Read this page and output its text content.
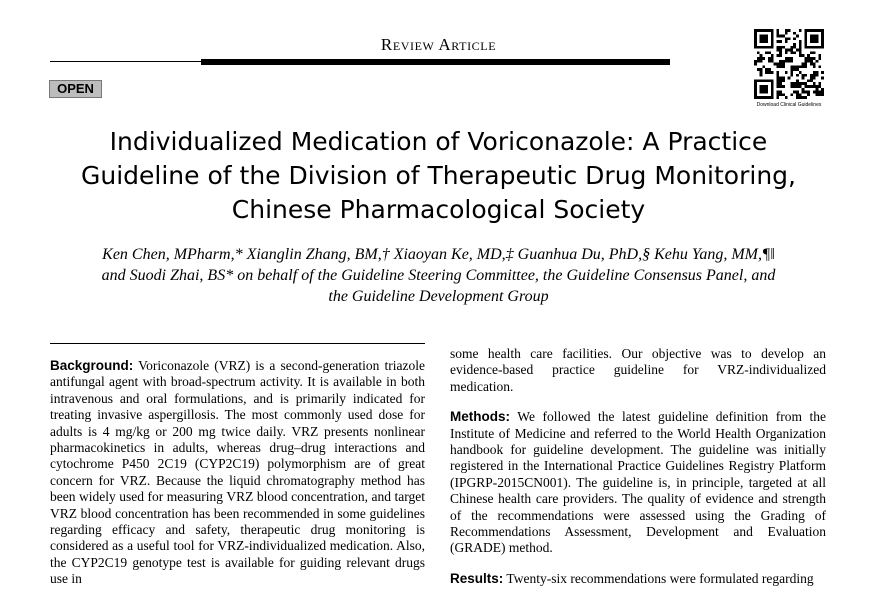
Review Article
OPEN
Download Clinical Guidelines
Individualized Medication of Voriconazole: A Practice
Guideline of the Division of Therapeutic Drug Monitoring,
Chinese Pharmacological Society

Ken Chen, MPharm,* Xianglin Zhang, BM,† Xiaoyan Ke, MD,‡ Guanhua Du, PhD,§ Kehu Yang, MM,¶‖
and Suodi Zhai, BS* on behalf of the Guideline Steering Committee, the Guideline Consensus Panel, and
the Guideline Development Group

Background: Voriconazole (VRZ) is a second-generation triazole antifungal agent with broad-spectrum activity. It is available in both intravenous and oral formulations, and is primarily indicated for treating invasive aspergillosis. The most commonly used dose for adults is 4 mg/kg or 200 mg twice daily. VRZ presents nonlinear pharmacokinetics in adults, whereas drug–drug interactions and cytochrome P450 2C19 (CYP2C19) polymorphism are of great concern for VRZ. Because the liquid chromatography method has been widely used for measuring VRZ blood concentration, and target VRZ blood concentration has been recommended in some guidelines regarding efficacy and safety, therapeutic drug monitoring is considered as a useful tool for VRZ-individualized medication. Also, the CYP2C19 genotype test is available for guiding relevant drugs use in

some health care facilities. Our objective was to develop an evidence-based practice guideline for VRZ-individualized medication.

Methods: We followed the latest guideline definition from the Institute of Medicine and referred to the World Health Organization handbook for guideline development. The guideline was initially registered in the International Practice Guidelines Registry Platform (IPGRP-2015CN001). The guideline is, in principle, targeted at all Chinese health care providers. The quality of evidence and strength of the recommendations were assessed using the Grading of Recommendations Assessment, Development and Evaluation (GRADE) method.

Results: Twenty-six recommendations were formulated regarding
